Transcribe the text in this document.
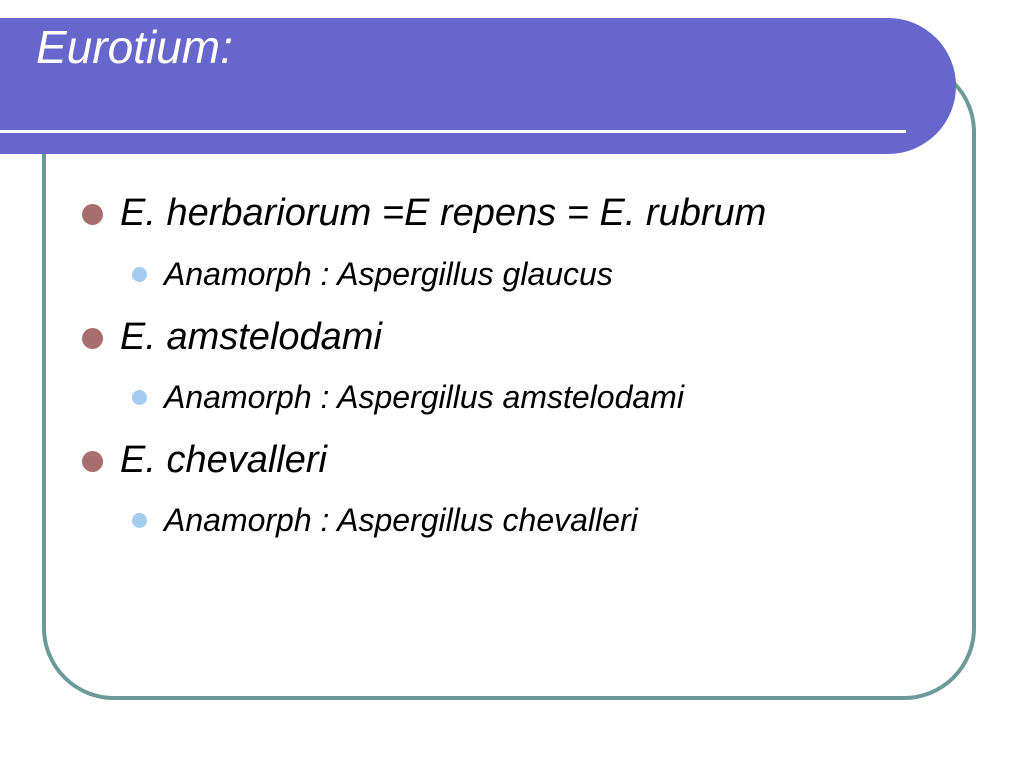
Eurotium:
E. herbariorum =E repens = E. rubrum
Anamorph : Aspergillus glaucus
E. amstelodami
Anamorph : Aspergillus amstelodami
E. chevalleri
Anamorph : Aspergillus chevalleri
